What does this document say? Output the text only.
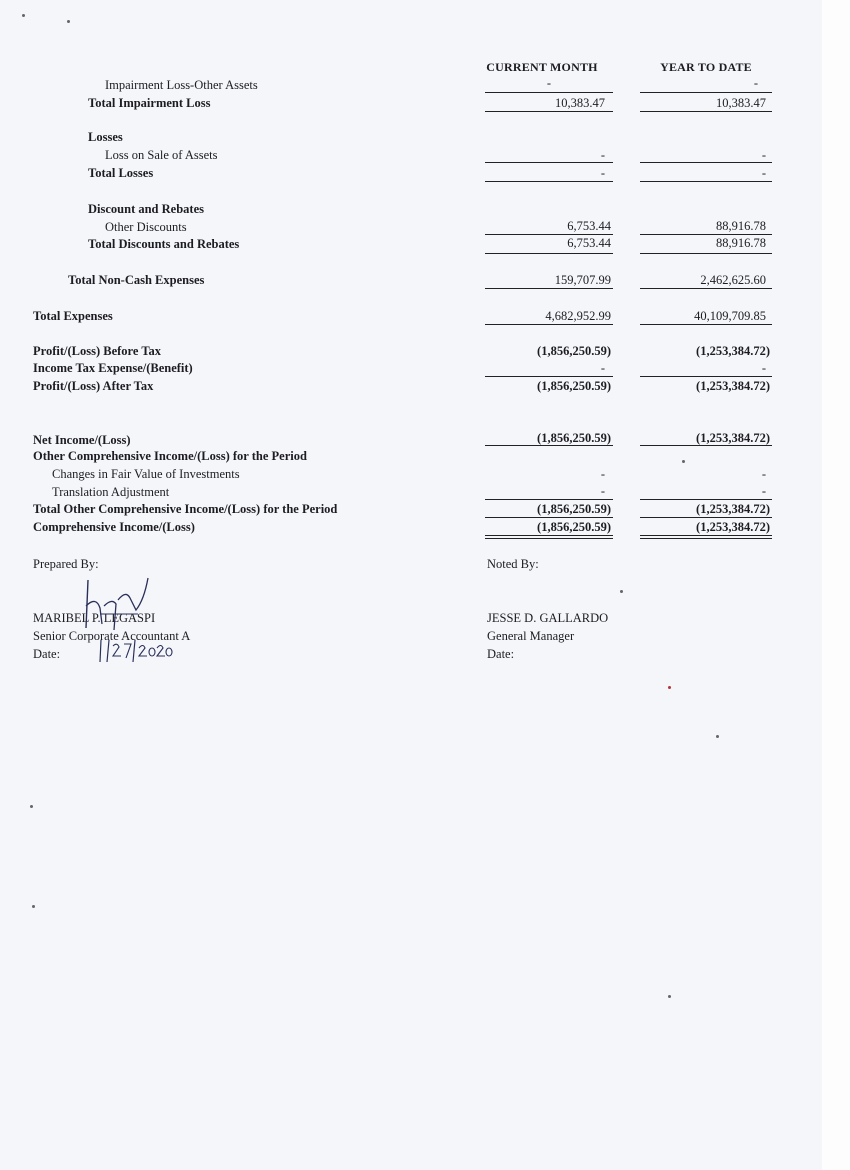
CURRENT MONTH	YEAR TO DATE
Impairment Loss-Other Assets	-	-
Total Impairment Loss	10,383.47	10,383.47
Losses
Loss on Sale of Assets	-	-
Total Losses	-	-
Discount and Rebates
Other Discounts	6,753.44	88,916.78
Total Discounts and Rebates	6,753.44	88,916.78
Total Non-Cash Expenses	159,707.99	2,462,625.60
Total Expenses	4,682,952.99	40,109,709.85
Profit/(Loss) Before Tax	(1,856,250.59)	(1,253,384.72)
Income Tax Expense/(Benefit)	-	-
Profit/(Loss) After Tax	(1,856,250.59)	(1,253,384.72)
Net Income/(Loss)	(1,856,250.59)	(1,253,384.72)
Other Comprehensive Income/(Loss) for the Period
Changes in Fair Value of Investments	-	-
Translation Adjustment	-	-
Total Other Comprehensive Income/(Loss) for the Period	(1,856,250.59)	(1,253,384.72)
Comprehensive Income/(Loss)	(1,856,250.59)	(1,253,384.72)
Prepared By:	Noted By:
MARIBEL P. LEGASPI
Senior Corporate Accountant A
Date:
JESSE D. GALLARDO
General Manager
Date:
